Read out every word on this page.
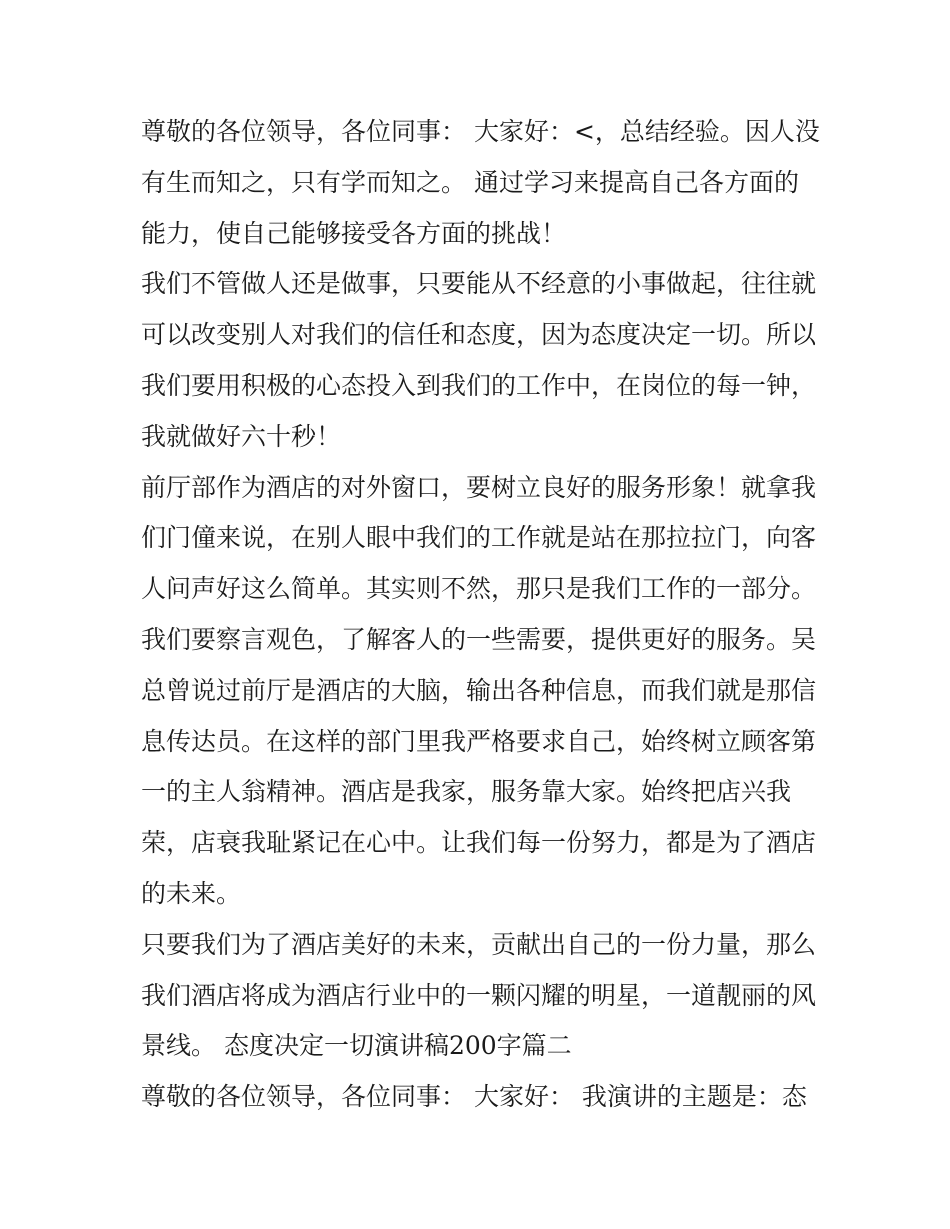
尊敬的各位领导，各位同事： 大家好：<，总结经验。因人没
有生而知之，只有学而知之。 通过学习来提高自己各方面的
能力，使自己能够接受各方面的挑战！
我们不管做人还是做事，只要能从不经意的小事做起，往往就
可以改变别人对我们的信任和态度，因为态度决定一切。所以
我们要用积极的心态投入到我们的工作中，在岗位的每一钟，
我就做好六十秒！
前厅部作为酒店的对外窗口，要树立良好的服务形象！就拿我
们门僮来说，在别人眼中我们的工作就是站在那拉拉门，向客
人问声好这么简单。其实则不然，那只是我们工作的一部分。
我们要察言观色，了解客人的一些需要，提供更好的服务。吴
总曾说过前厅是酒店的大脑，输出各种信息，而我们就是那信
息传达员。在这样的部门里我严格要求自己，始终树立顾客第
一的主人翁精神。酒店是我家，服务靠大家。始终把店兴我
荣，店衰我耻紧记在心中。让我们每一份努力，都是为了酒店
的未来。
只要我们为了酒店美好的未来，贡献出自己的一份力量，那么
我们酒店将成为酒店行业中的一颗闪耀的明星，一道靓丽的风
景线。 态度决定一切演讲稿200字篇二
尊敬的各位领导，各位同事： 大家好： 我演讲的主题是：态
